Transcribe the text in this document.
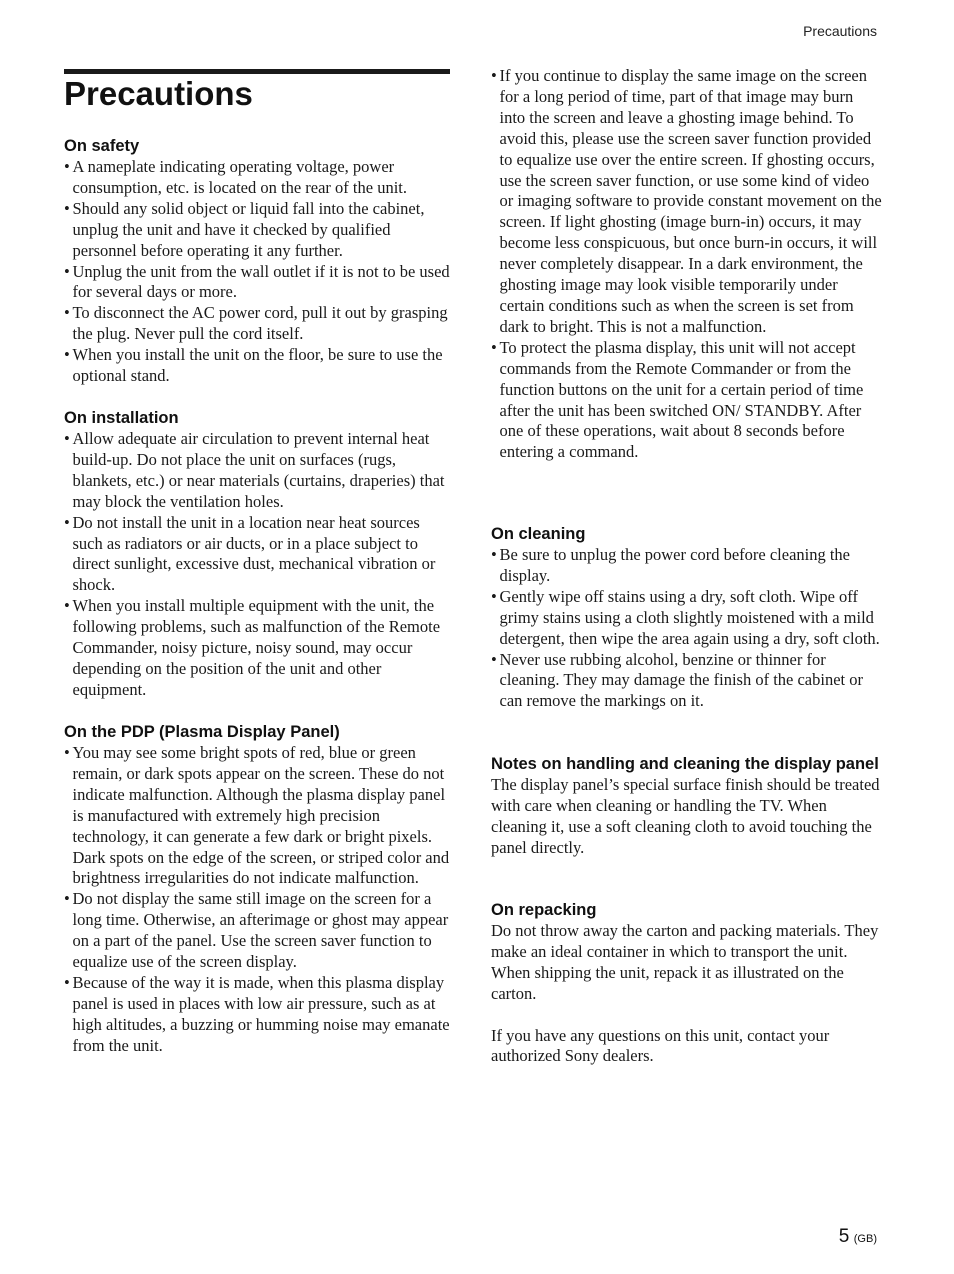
Precautions
Precautions
On safety
• A nameplate indicating operating voltage, power consumption, etc. is located on the rear of the unit.
• Should any solid object or liquid fall into the cabinet, unplug the unit and have it checked by qualified personnel before operating it any further.
• Unplug the unit from the wall outlet if it is not to be used for several days or more.
• To disconnect the AC power cord, pull it out by grasping the plug. Never pull the cord itself.
• When you install the unit on the floor, be sure to use the optional stand.
On installation
• Allow adequate air circulation to prevent internal heat build-up. Do not place the unit on surfaces (rugs, blankets, etc.) or near materials (curtains, draperies) that may block the ventilation holes.
• Do not install the unit in a location near heat sources such as radiators or air ducts, or in a place subject to direct sunlight, excessive dust, mechanical vibration or shock.
• When you install multiple equipment with the unit, the following problems, such as malfunction of the Remote Commander, noisy picture, noisy sound, may occur depending on the position of the unit and other equipment.
On the PDP (Plasma Display Panel)
• You may see some bright spots of red, blue or green remain, or dark spots appear on the screen. These do not indicate malfunction. Although the plasma display panel is manufactured with extremely high precision technology, it can generate a few dark or bright pixels. Dark spots on the edge of the screen, or striped color and brightness irregularities do not indicate malfunction.
• Do not display the same still image on the screen for a long time. Otherwise, an afterimage or ghost may appear on a part of the panel. Use the screen saver function to equalize use of the screen display.
• Because of the way it is made, when this plasma display panel is used in places with low air pressure, such as at high altitudes, a buzzing or humming noise may emanate from the unit.
• If you continue to display the same image on the screen for a long period of time, part of that image may burn into the screen and leave a ghosting image behind. To avoid this, please use the screen saver function provided to equalize use over the entire screen. If ghosting occurs, use the screen saver function, or use some kind of video or imaging software to provide constant movement on the screen. If light ghosting (image burn-in) occurs, it may become less conspicuous, but once burn-in occurs, it will never completely disappear. In a dark environment, the ghosting image may look visible temporarily under certain conditions such as when the screen is set from dark to bright. This is not a malfunction.
• To protect the plasma display, this unit will not accept commands from the Remote Commander or from the function buttons on the unit for a certain period of time after the unit has been switched ON/ STANDBY. After one of these operations, wait about 8 seconds before entering a command.
On cleaning
• Be sure to unplug the power cord before cleaning the display.
• Gently wipe off stains using a dry, soft cloth. Wipe off grimy stains using a cloth slightly moistened with a mild detergent, then wipe the area again using a dry, soft cloth.
• Never use rubbing alcohol, benzine or thinner for cleaning. They may damage the finish of the cabinet or can remove the markings on it.
Notes on handling and cleaning the display panel

The display panel’s special surface finish should be treated with care when cleaning or handling the TV. When cleaning it, use a soft cleaning cloth to avoid touching the panel directly.

On repacking

Do not throw away the carton and packing materials. They make an ideal container in which to transport the unit. When shipping the unit, repack it as illustrated on the carton.

If you have any questions on this unit, contact your authorized Sony dealers.

5 (GB)
